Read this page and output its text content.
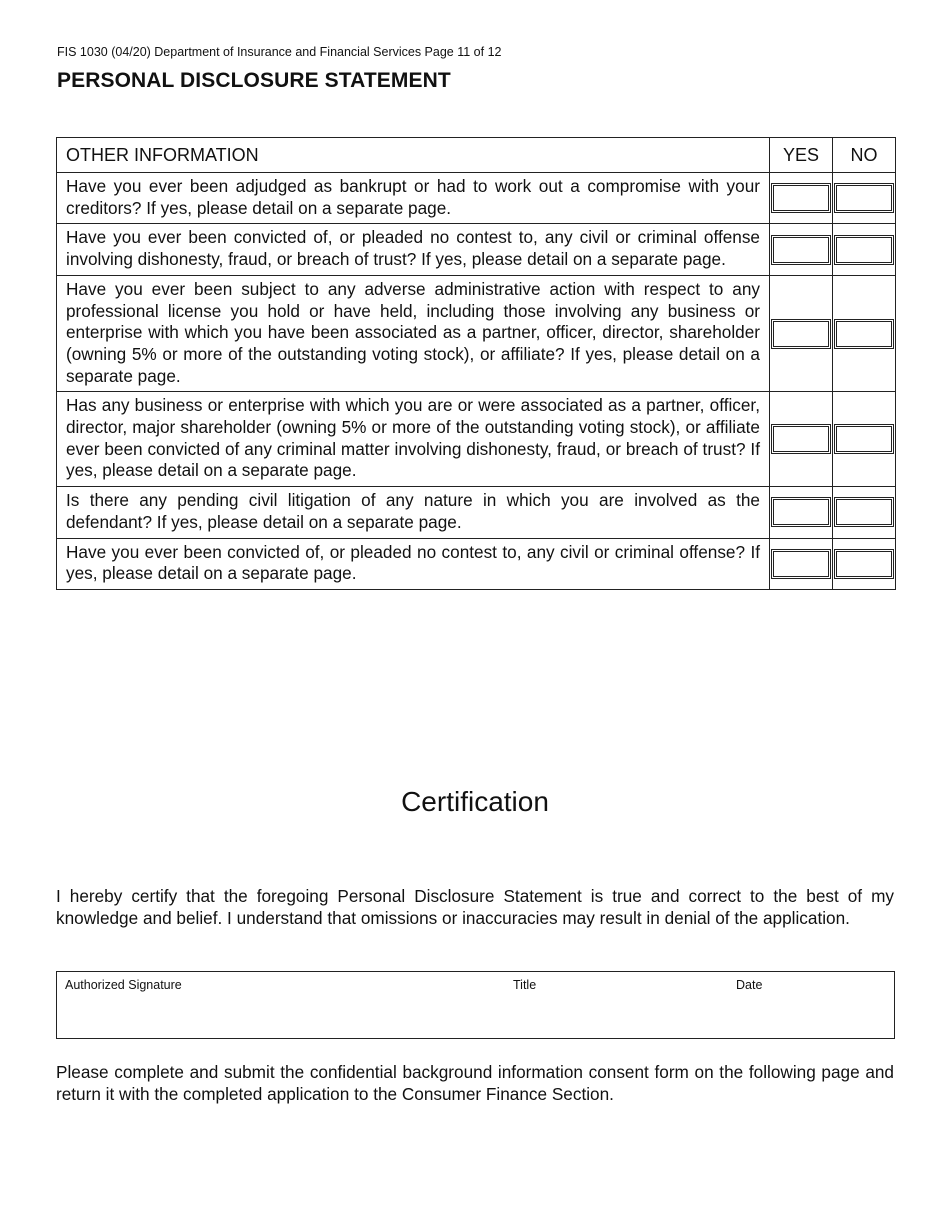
FIS 1030 (04/20) Department of Insurance and Financial Services Page 11 of 12
PERSONAL DISCLOSURE STATEMENT
OTHER INFORMATION	YES	NO
Have you ever been adjudged as bankrupt or had to work out a compromise with your creditors? If yes, please detail on a separate page.	

Have you ever been convicted of, or pleaded no contest to, any civil or criminal offense involving dishonesty, fraud, or breach of trust? If yes, please detail on a separate page.	

Have you ever been subject to any adverse administrative action with respect to any professional license you hold or have held, including those involving any business or enterprise with which you have been associated as a partner, officer, director, shareholder (owning 5% or more of the outstanding voting stock), or affiliate? If yes, please detail on a separate page.	

Has any business or enterprise with which you are or were associated as a partner, officer, director, major shareholder (owning 5% or more of the outstanding voting stock), or affiliate ever been convicted of any criminal matter involving dishonesty, fraud, or breach of trust? If yes, please detail on a separate page.	

Is there any pending civil litigation of any nature in which you are involved as the defendant? If yes, please detail on a separate page.	

Have you ever been convicted of, or pleaded no contest to, any civil or criminal offense? If yes, please detail on a separate page.	

Certification
I hereby certify that the foregoing Personal Disclosure Statement is true and correct to the best of my knowledge and belief. I understand that omissions or inaccuracies may result in denial of the application.
Authorized Signature	Title	Date
Please complete and submit the confidential background information consent form on the following page and return it with the completed application to the Consumer Finance Section.
